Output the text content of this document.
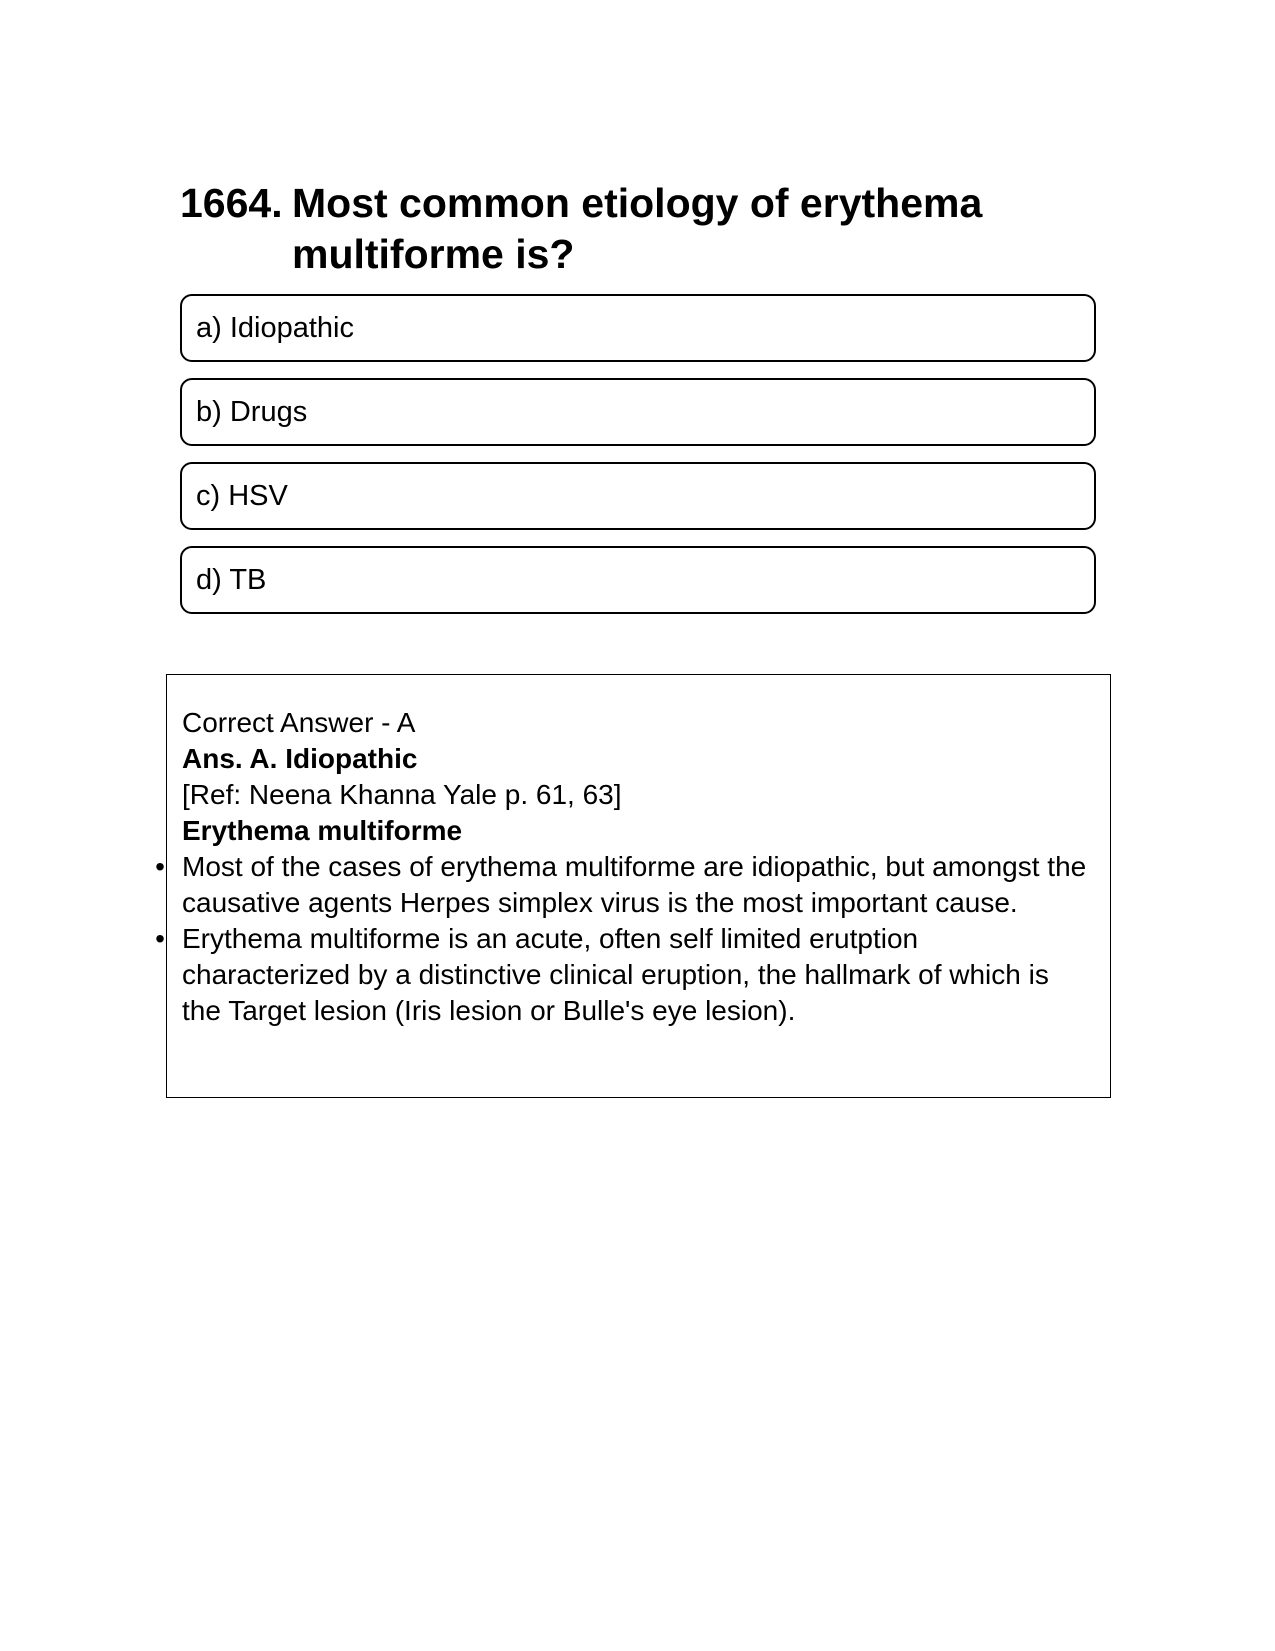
1664. Most common etiology of erythema multiforme is?
a) Idiopathic
b) Drugs
c) HSV
d) TB
Correct Answer - A
Ans. A. Idiopathic
[Ref: Neena Khanna Yale p. 61, 63]
Erythema multiforme
• Most of the cases of erythema multiforme are idiopathic, but amongst the causative agents Herpes simplex virus is the most important cause.
• Erythema multiforme is an acute, often self limited erutption characterized by a distinctive clinical eruption, the hallmark of which is the Target lesion (Iris lesion or Bulle's eye lesion).
